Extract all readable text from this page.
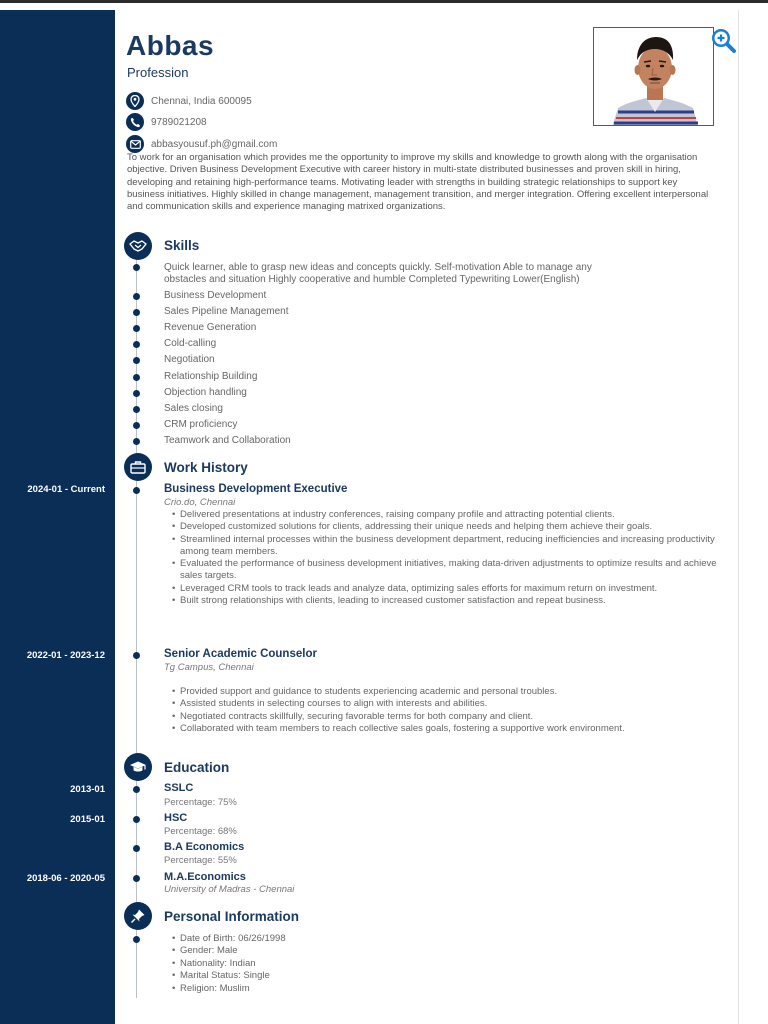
Abbas
Profession
Chennai, India 600095
9789021208
abbasyousuf.ph@gmail.com
To work for an organisation which provides me the opportunity to improve my skills and knowledge to growth along with the organisation objective. Driven Business Development Executive with career history in multi-state distributed businesses and proven skill in hiring, developing and retaining high-performance teams. Motivating leader with strengths in building strategic relationships to support key business initiatives. Highly skilled in change management, management transition, and merger integration. Offering excellent interpersonal and communication skills and experience managing matrixed organizations.
Skills
Quick learner, able to grasp new ideas and concepts quickly. Self-motivation Able to manage any
obstacles and situation Highly cooperative and humble Completed Typewriting Lower(English)
Business Development
Sales Pipeline Management
Revenue Generation
Cold-calling
Negotiation
Relationship Building
Objection handling
Sales closing
CRM proficiency
Teamwork and Collaboration
Work History
2024-01 - Current	Business Development Executive
Crio.do, Chennai
• Delivered presentations at industry conferences, raising company profile and attracting potential clients.
• Developed customized solutions for clients, addressing their unique needs and helping them achieve their goals.
• Streamlined internal processes within the business development department, reducing inefficiencies and increasing productivity among team members.
• Evaluated the performance of business development initiatives, making data-driven adjustments to optimize results and achieve sales targets.
• Leveraged CRM tools to track leads and analyze data, optimizing sales efforts for maximum return on investment.
• Built strong relationships with clients, leading to increased customer satisfaction and repeat business.
2022-01 - 2023-12	Senior Academic Counselor
Tg Campus, Chennai
• Provided support and guidance to students experiencing academic and personal troubles.
• Assisted students in selecting courses to align with interests and abilities.
• Negotiated contracts skillfully, securing favorable terms for both company and client.
• Collaborated with team members to reach collective sales goals, fostering a supportive work environment.
Education
2013-01	SSLC
Percentage: 75%
2015-01	HSC
Percentage: 68%
B.A Economics
Percentage: 55%
2018-06 - 2020-05	M.A.Economics
University of Madras - Chennai
Personal Information
• Date of Birth: 06/26/1998
• Gender: Male
• Nationality: Indian
• Marital Status: Single
• Religion: Muslim
